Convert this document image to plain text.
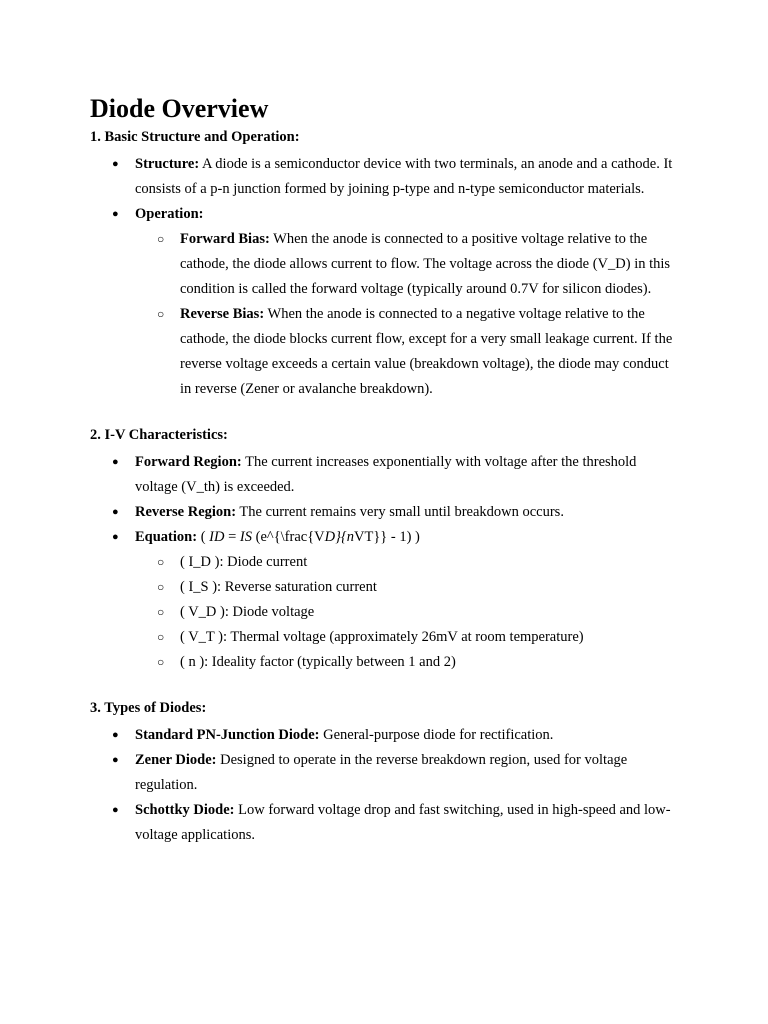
Diode Overview
1. Basic Structure and Operation:
● Structure: A diode is a semiconductor device with two terminals, an anode and a cathode. It consists of a p-n junction formed by joining p-type and n-type semiconductor materials.
● Operation:
○ Forward Bias: When the anode is connected to a positive voltage relative to the cathode, the diode allows current to flow. The voltage across the diode (V_D) in this condition is called the forward voltage (typically around 0.7V for silicon diodes).
○ Reverse Bias: When the anode is connected to a negative voltage relative to the cathode, the diode blocks current flow, except for a very small leakage current. If the reverse voltage exceeds a certain value (breakdown voltage), the diode may conduct in reverse (Zener or avalanche breakdown).
2. I-V Characteristics:
● Forward Region: The current increases exponentially with voltage after the threshold voltage (V_th) is exceeded.
● Reverse Region: The current remains very small until breakdown occurs.
● Equation: ( ID = IS (e^{\frac{VD}{nVT}} - 1) )
○ ( I_D ): Diode current
○ ( I_S ): Reverse saturation current
○ ( V_D ): Diode voltage
○ ( V_T ): Thermal voltage (approximately 26mV at room temperature)
○ ( n ): Ideality factor (typically between 1 and 2)
3. Types of Diodes:
● Standard PN-Junction Diode: General-purpose diode for rectification.
● Zener Diode: Designed to operate in the reverse breakdown region, used for voltage regulation.
● Schottky Diode: Low forward voltage drop and fast switching, used in high-speed and low-voltage applications.
